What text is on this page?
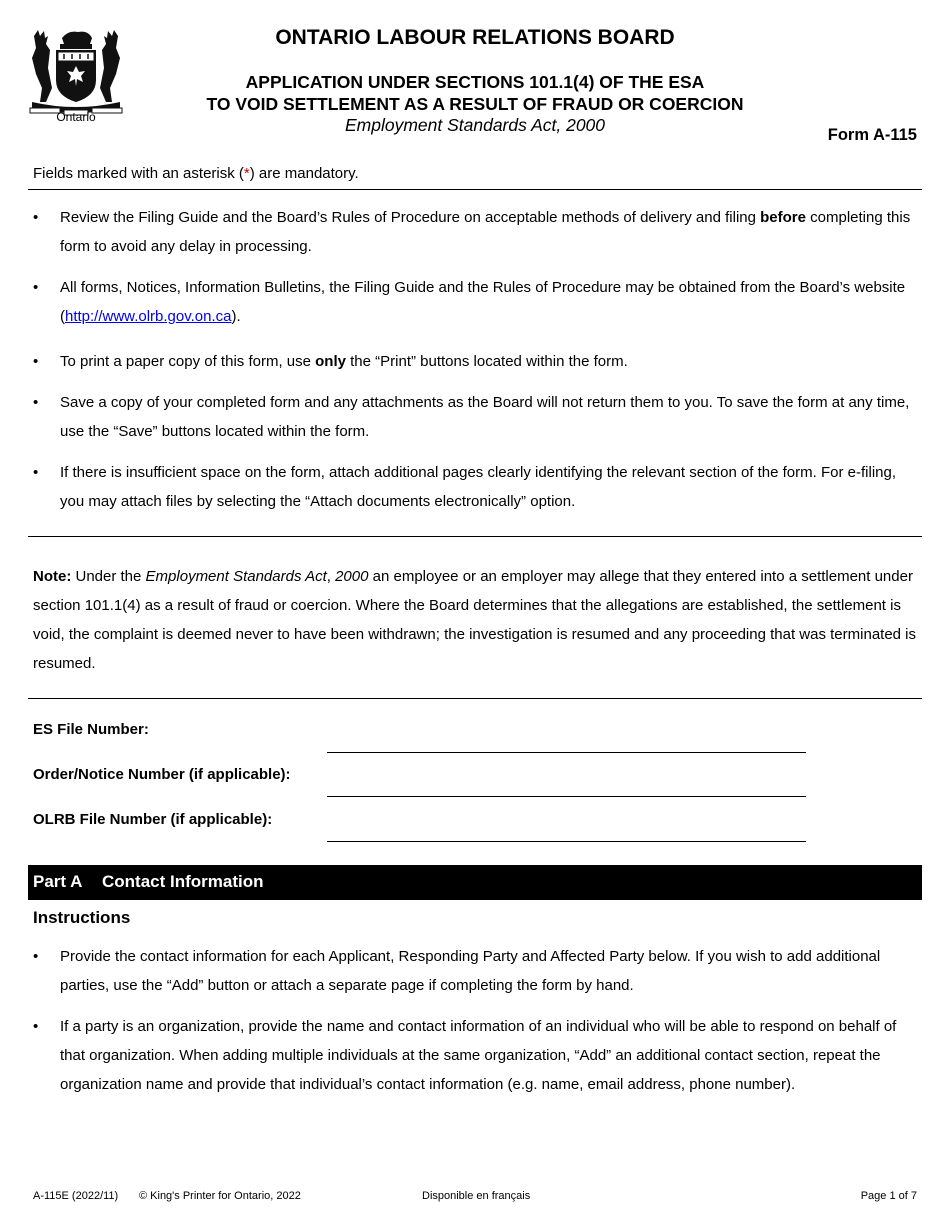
Ontario
ONTARIO LABOUR RELATIONS BOARD
APPLICATION UNDER SECTIONS 101.1(4) OF THE ESA
TO VOID SETTLEMENT AS A RESULT OF FRAUD OR COERCION
Employment Standards Act, 2000	Form A-115
Fields marked with an asterisk (*) are mandatory.
• Review the Filing Guide and the Board’s Rules of Procedure on acceptable methods of delivery and filing before completing this form to avoid any delay in processing.
• All forms, Notices, Information Bulletins, the Filing Guide and the Rules of Procedure may be obtained from the Board’s website (http://www.olrb.gov.on.ca).
• To print a paper copy of this form, use only the “Print” buttons located within the form.
• Save a copy of your completed form and any attachments as the Board will not return them to you. To save the form at any time, use the “Save” buttons located within the form.
• If there is insufficient space on the form, attach additional pages clearly identifying the relevant section of the form. For e-filing, you may attach files by selecting the “Attach documents electronically” option.
Note: Under the Employment Standards Act, 2000 an employee or an employer may allege that they entered into a settlement under section 101.1(4) as a result of fraud or coercion. Where the Board determines that the allegations are established, the settlement is void, the complaint is deemed never to have been withdrawn; the investigation is resumed and any proceeding that was terminated is resumed.
ES File Number:
Order/Notice Number (if applicable):
OLRB File Number (if applicable):
Part A Contact Information
Instructions
• Provide the contact information for each Applicant, Responding Party and Affected Party below. If you wish to add additional parties, use the “Add” button or attach a separate page if completing the form by hand.
• If a party is an organization, provide the name and contact information of an individual who will be able to respond on behalf of that organization. When adding multiple individuals at the same organization, “Add” an additional contact section, repeat the organization name and provide that individual’s contact information (e.g. name, email address, phone number).
A-115E (2022/11) © King's Printer for Ontario, 2022	Disponible en français	Page 1 of 7
